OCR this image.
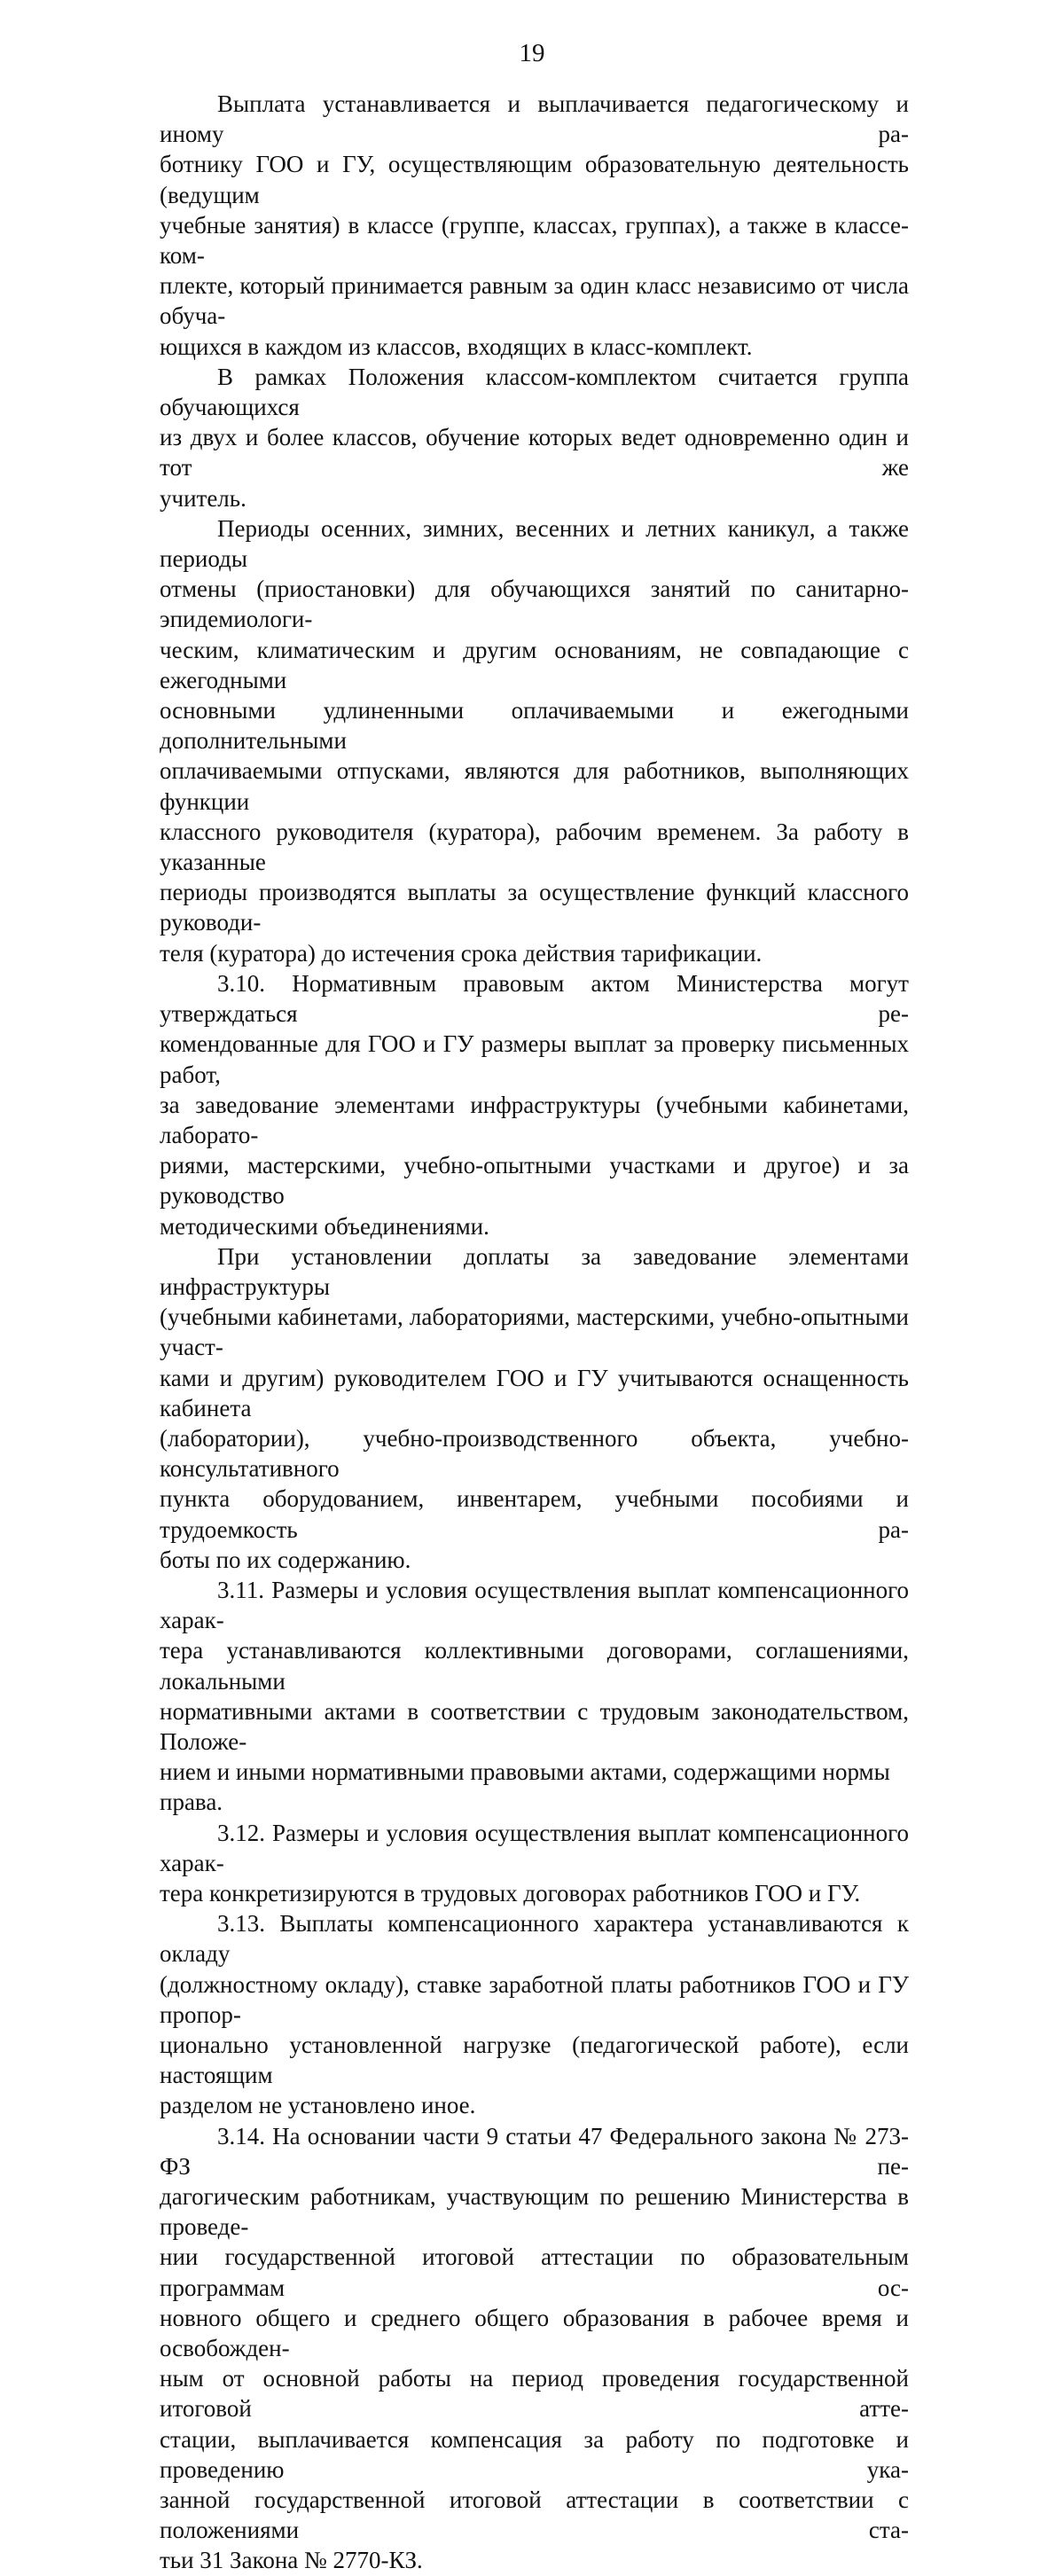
19

Выплата устанавливается и выплачивается педагогическому и иному ра-
ботнику ГОО и ГУ, осуществляющим образовательную деятельность (ведущим
учебные занятия) в классе (группе, классах, группах), а также в классе-ком-
плекте, который принимается равным за один класс независимо от числа обуча-
ющихся в каждом из классов, входящих в класс-комплект.

В рамках Положения классом-комплектом считается группа обучающихся
из двух и более классов, обучение которых ведет одновременно один и тот же
учитель.

Периоды осенних, зимних, весенних и летних каникул, а также периоды
отмены (приостановки) для обучающихся занятий по санитарно-эпидемиологи-
ческим, климатическим и другим основаниям, не совпадающие с ежегодными
основными удлиненными оплачиваемыми и ежегодными дополнительными
оплачиваемыми отпусками, являются для работников, выполняющих функции
классного руководителя (куратора), рабочим временем. За работу в указанные
периоды производятся выплаты за осуществление функций классного руководи-
теля (куратора) до истечения срока действия тарификации.

3.10. Нормативным правовым актом Министерства могут утверждаться ре-
комендованные для ГОО и ГУ размеры выплат за проверку письменных работ,
за заведование элементами инфраструктуры (учебными кабинетами, лаборато-
риями, мастерскими, учебно-опытными участками и другое) и за руководство
методическими объединениями.

При установлении доплаты за заведование элементами инфраструктуры
(учебными кабинетами, лабораториями, мастерскими, учебно-опытными участ-
ками и другим) руководителем ГОО и ГУ учитываются оснащенность кабинета
(лаборатории), учебно-производственного объекта, учебно-консультативного
пункта оборудованием, инвентарем, учебными пособиями и трудоемкость ра-
боты по их содержанию.

3.11. Размеры и условия осуществления выплат компенсационного харак-
тера устанавливаются коллективными договорами, соглашениями, локальными
нормативными актами в соответствии с трудовым законодательством, Положе-
нием и иными нормативными правовыми актами, содержащими нормы права.

3.12. Размеры и условия осуществления выплат компенсационного харак-
тера конкретизируются в трудовых договорах работников ГОО и ГУ.

3.13. Выплаты компенсационного характера устанавливаются к окладу
(должностному окладу), ставке заработной платы работников ГОО и ГУ пропор-
ционально установленной нагрузке (педагогической работе), если настоящим
разделом не установлено иное.

3.14. На основании части 9 статьи 47 Федерального закона № 273-ФЗ пе-
дагогическим работникам, участвующим по решению Министерства в проведе-
нии государственной итоговой аттестации по образовательным программам ос-
новного общего и среднего общего образования в рабочее время и освобожден-
ным от основной работы на период проведения государственной итоговой атте-
стации, выплачивается компенсация за работу по подготовке и проведению ука-
занной государственной итоговой аттестации в соответствии с положениями ста-
тьи 31 Закона № 2770-КЗ.
